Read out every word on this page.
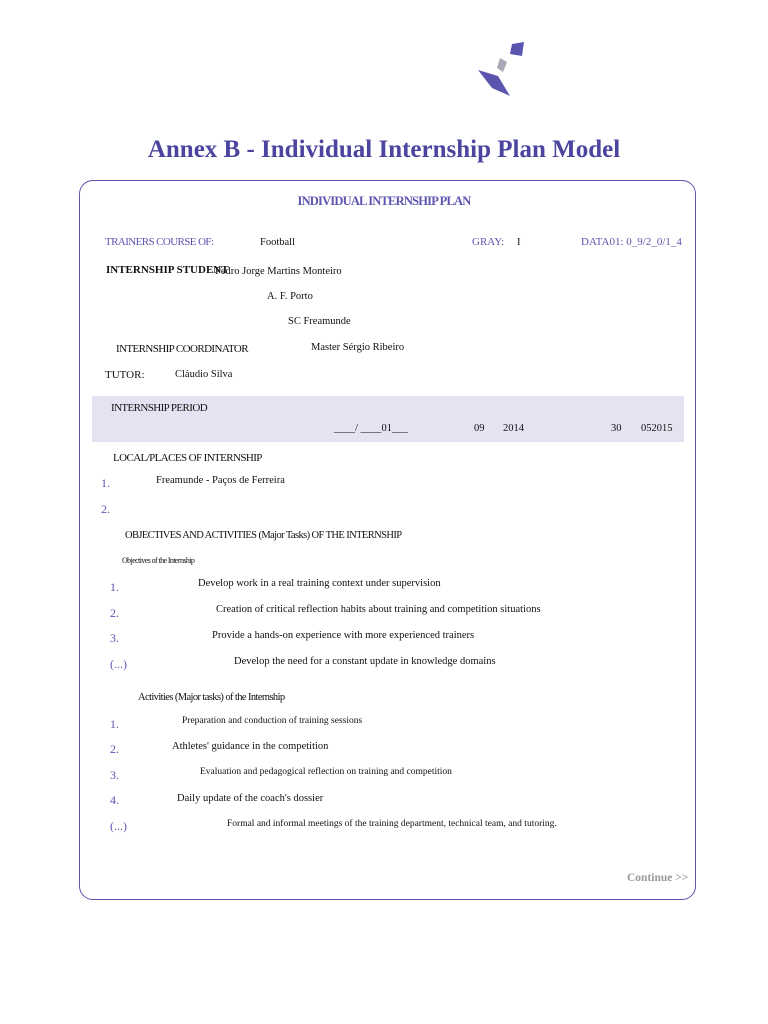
Annex B - Individual Internship Plan Model
INDIVIDUAL INTERNSHIP PLAN
TRAINERS COURSE OF:	Football	GRAY: I	DATA01: 0_9/2_0/1_4
INTERNSHIP STUDENT
Pedro Jorge Martins Monteiro
A. F. Porto
SC Freamunde
INTERNSHIP COORDINATOR	Master Sérgio Ribeiro
TUTOR:	Cláudio Silva
INTERNSHIP PERIOD
____/ ____01___	09 2014	30 052015
LOCAL/PLACES OF INTERNSHIP
1.	Freamunde - Paços de Ferreira
2.
OBJECTIVES AND ACTIVITIES (Major Tasks) OF THE INTERNSHIP
Objectives of the Internship
1.	Develop work in a real training context under supervision
2.	Creation of critical reflection habits about training and competition situations
3.	Provide a hands-on experience with more experienced trainers
(...)	Develop the need for a constant update in knowledge domains
Activities (Major tasks) of the Internship
1.	Preparation and conduction of training sessions
2.	Athletes' guidance in the competition
3.	Evaluation and pedagogical reflection on training and competition
4.	Daily update of the coach's dossier
(...)	Formal and informal meetings of the training department, technical team, and tutoring.
Continue >>
